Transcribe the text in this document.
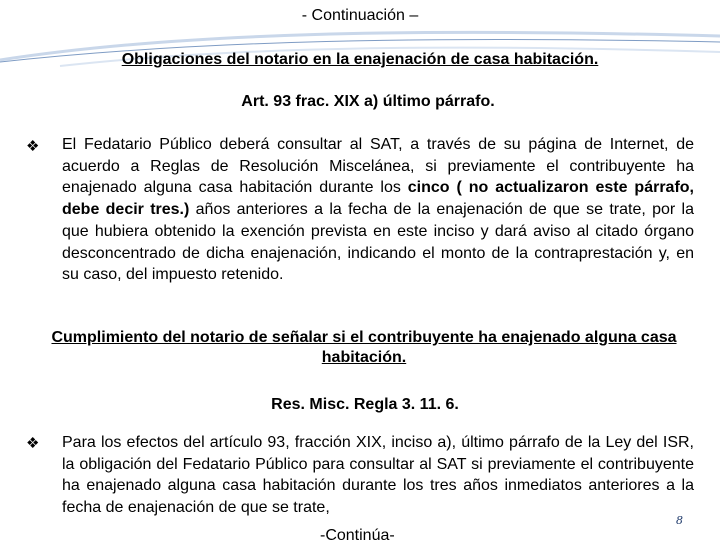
- Continuación –
Obligaciones del notario en la enajenación de casa habitación.
Art. 93 frac. XIX a) último párrafo.
❖ El Fedatario Público deberá consultar al SAT, a través de su página de Internet, de acuerdo a Reglas de Resolución Miscelánea, si previamente el contribuyente ha enajenado alguna casa habitación durante los cinco ( no actualizaron este párrafo, debe decir tres.) años anteriores a la fecha de la enajenación de que se trate, por la que hubiera obtenido la exención prevista en este inciso y dará aviso al citado órgano desconcentrado de dicha enajenación, indicando el monto de la contraprestación y, en su caso, del impuesto retenido.
Cumplimiento del notario de señalar si el contribuyente ha enajenado alguna casa habitación.
Res. Misc. Regla 3. 11. 6.
❖ Para los efectos del artículo 93, fracción XIX, inciso a), último párrafo de la Ley del ISR, la obligación del Fedatario Público para consultar al SAT si previamente el contribuyente ha enajenado alguna casa habitación durante los tres años inmediatos anteriores a la fecha de enajenación de que se trate,
8
-Continúa-
